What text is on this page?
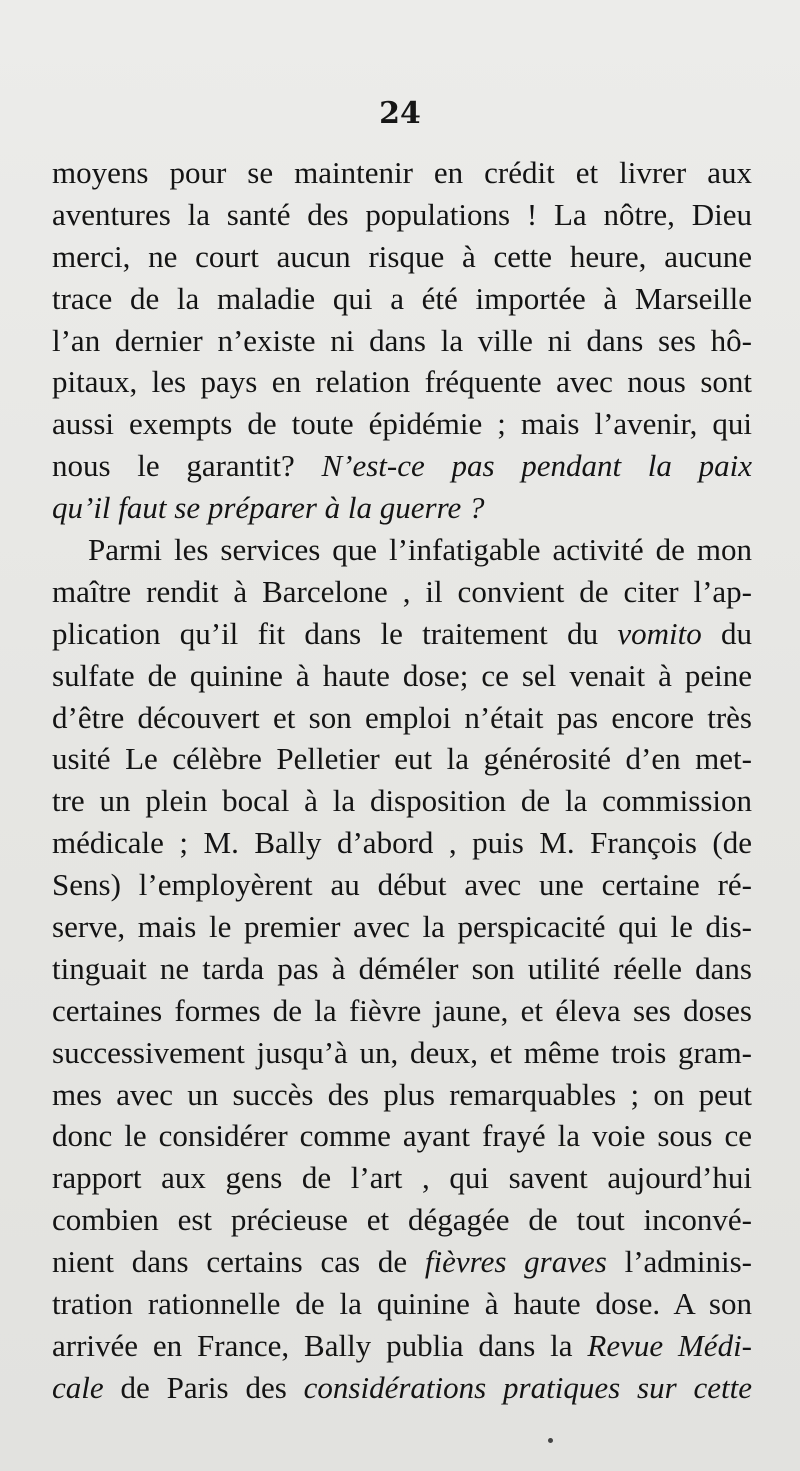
24
moyens pour se maintenir en crédit et livrer aux
aventures la santé des populations ! La nôtre, Dieu
merci, ne court aucun risque à cette heure, aucune
trace de la maladie qui a été importée à Marseille
l’an dernier n’existe ni dans la ville ni dans ses hô-
pitaux, les pays en relation fréquente avec nous sont
aussi exempts de toute épidémie ; mais l’avenir, qui
nous le garantit? N’est-ce pas pendant la paix
qu’il faut se préparer à la guerre ?
Parmi les services que l’infatigable activité de mon
maître rendit à Barcelone , il convient de citer l’ap-
plication qu’il fit dans le traitement du vomito du
sulfate de quinine à haute dose; ce sel venait à peine
d’être découvert et son emploi n’était pas encore très
usité Le célèbre Pelletier eut la générosité d’en met-
tre un plein bocal à la disposition de la commission
médicale ; M. Bally d’abord , puis M. François (de
Sens) l’employèrent au début avec une certaine ré-
serve, mais le premier avec la perspicacité qui le dis-
tinguait ne tarda pas à déméler son utilité réelle dans
certaines formes de la fièvre jaune, et éleva ses doses
successivement jusqu’à un, deux, et même trois gram-
mes avec un succès des plus remarquables ; on peut
donc le considérer comme ayant frayé la voie sous ce
rapport aux gens de l’art , qui savent aujourd’hui
combien est précieuse et dégagée de tout inconvé-
nient dans certains cas de fièvres graves l’adminis-
tration rationnelle de la quinine à haute dose. A son
arrivée en France, Bally publia dans la Revue Médi-
cale de Paris des considérations pratiques sur cette
